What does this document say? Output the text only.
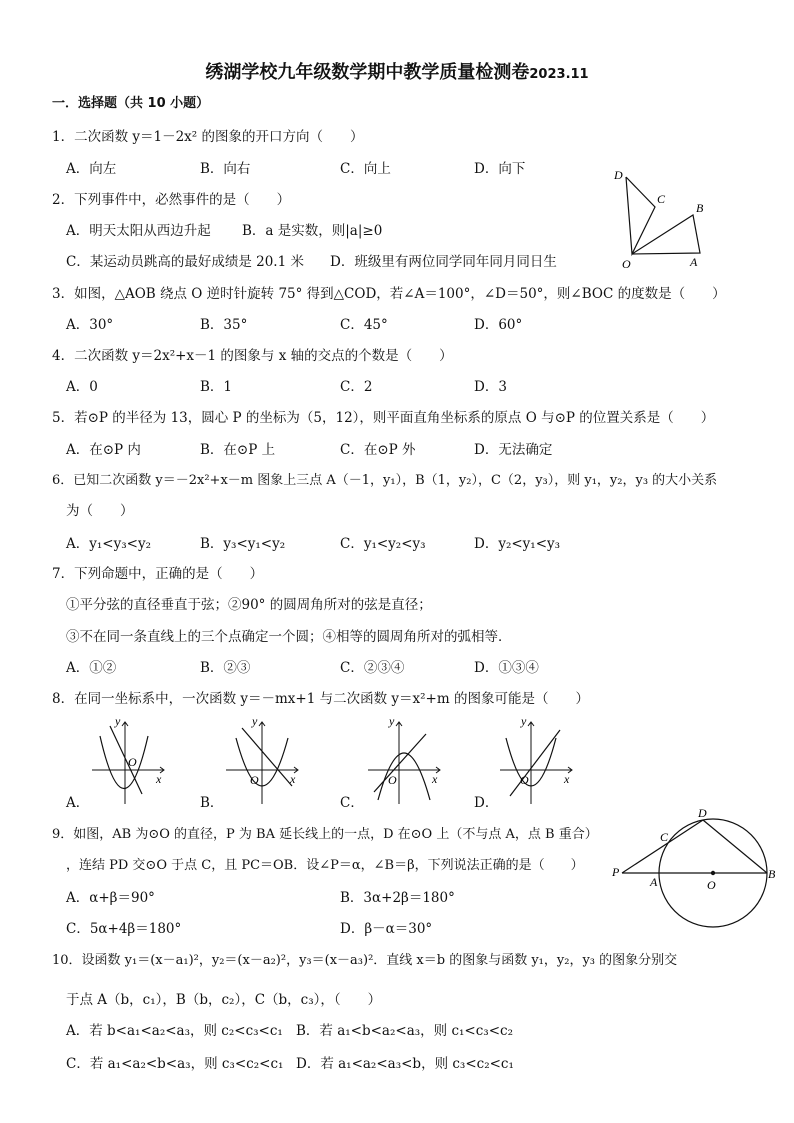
绣湖学校九年级数学期中教学质量检测卷2023.11
一．选择题（共 10 小题）
1．二次函数 y＝1－2x² 的图象的开口方向（　　）
A．向左	B．向右	C．向上	D．向下
2．下列事件中，必然事件的是（　　）
A．明天太阳从西边升起 B．a 是实数，则|a|≥0
C．某运动员跳高的最好成绩是 20.1 米 D．班级里有两位同学同年同月同日生
D
C
B
O	A
3．如图，△AOB 绕点 O 逆时针旋转 75° 得到△COD，若∠A＝100°，∠D＝50°，则∠BOC 的度数是（　　）
A．30°	B．35°	C．45°	D．60°
4．二次函数 y＝2x²+x－1 的图象与 x 轴的交点的个数是（　　）
A．0	B．1	C．2	D．3
5．若⊙P 的半径为 13，圆心 P 的坐标为（5，12），则平面直角坐标系的原点 O 与⊙P 的位置关系是（　　）
A．在⊙P 内	B．在⊙P 上	C．在⊙P 外	D．无法确定
6．已知二次函数 y＝－2x²+x－m 图象上三点 A（－1，y₁），B（1，y₂），C（2，y₃），则 y₁，y₂，y₃ 的大小关系
为（　　）
A．y₁<y₃<y₂	B．y₃<y₁<y₂	C．y₁<y₂<y₃	D．y₂<y₁<y₃
7．下列命题中，正确的是（　　）
①平分弦的直径垂直于弦；②90° 的圆周角所对的弦是直径；
③不在同一条直线上的三个点确定一个圆；④相等的圆周角所对的弧相等．
A．①②	B．②③	C．②③④	D．①③④
8．在同一坐标系中，一次函数 y＝－mx+1 与二次函数 y＝x²+m 的图象可能是（　　）
y
x
O
A．
y
x
O
B．
y
x
O
C．
y
x
O
D．
9．如图，AB 为⊙O 的直径，P 为 BA 延长线上的一点，D 在⊙O 上（不与点 A，点 B 重合）
，连结 PD 交⊙O 于点 C，且 PC＝OB．设∠P＝α，∠B＝β，下列说法正确的是（　　）
A．α+β＝90°	B．3α+2β＝180°
C．5α+4β＝180°	D．β－α＝30°
D
C
P
A	O
B
10．设函数 y₁＝(x－a₁)²，y₂＝(x－a₂)²，y₃＝(x－a₃)²．直线 x＝b 的图象与函数 y₁，y₂，y₃ 的图象分别交
于点 A（b，c₁），B（b，c₂），C（b，c₃），（　　）
A．若 b<a₁<a₂<a₃，则 c₂<c₃<c₁ B．若 a₁<b<a₂<a₃，则 c₁<c₃<c₂
C．若 a₁<a₂<b<a₃，则 c₃<c₂<c₁ D．若 a₁<a₂<a₃<b，则 c₃<c₂<c₁
